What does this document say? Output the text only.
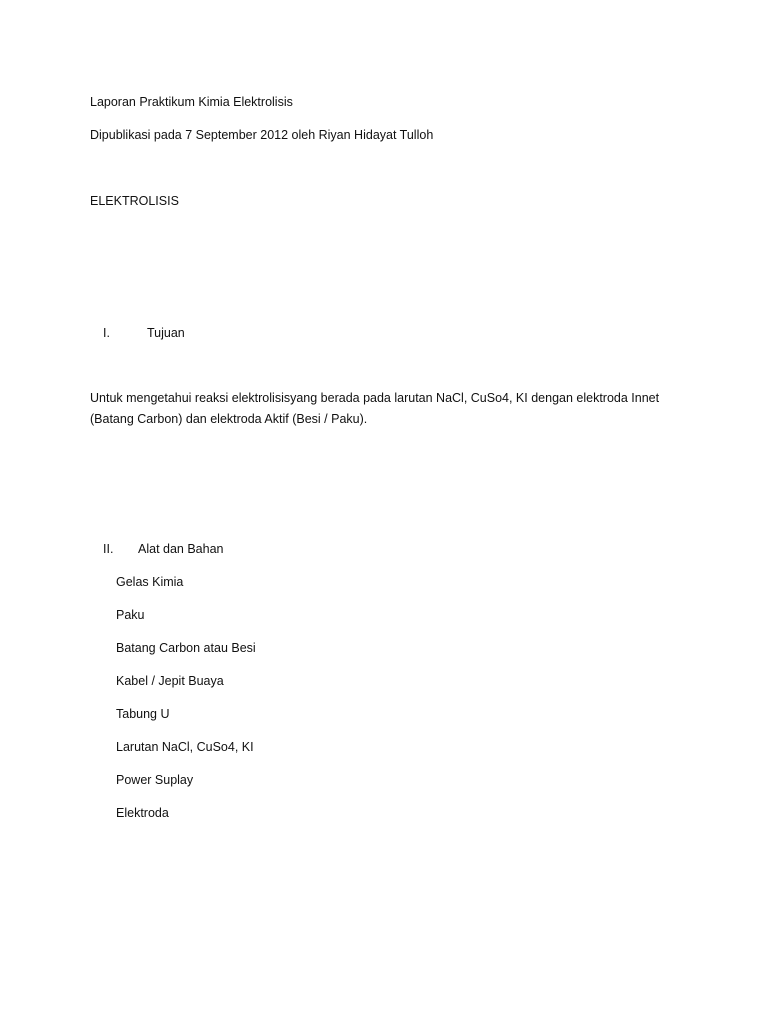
Laporan Praktikum Kimia Elektrolisis
Dipublikasi pada 7 September 2012 oleh Riyan Hidayat Tulloh
ELEKTROLISIS
I.	Tujuan
Untuk mengetahui reaksi elektrolisisyang berada pada larutan NaCl, CuSo4, KI dengan elektroda Innet
(Batang Carbon) dan elektroda Aktif (Besi / Paku).
II. Alat dan Bahan
Gelas Kimia
Paku
Batang Carbon atau Besi
Kabel / Jepit Buaya
Tabung U
Larutan NaCl, CuSo4, KI
Power Suplay
Elektroda
